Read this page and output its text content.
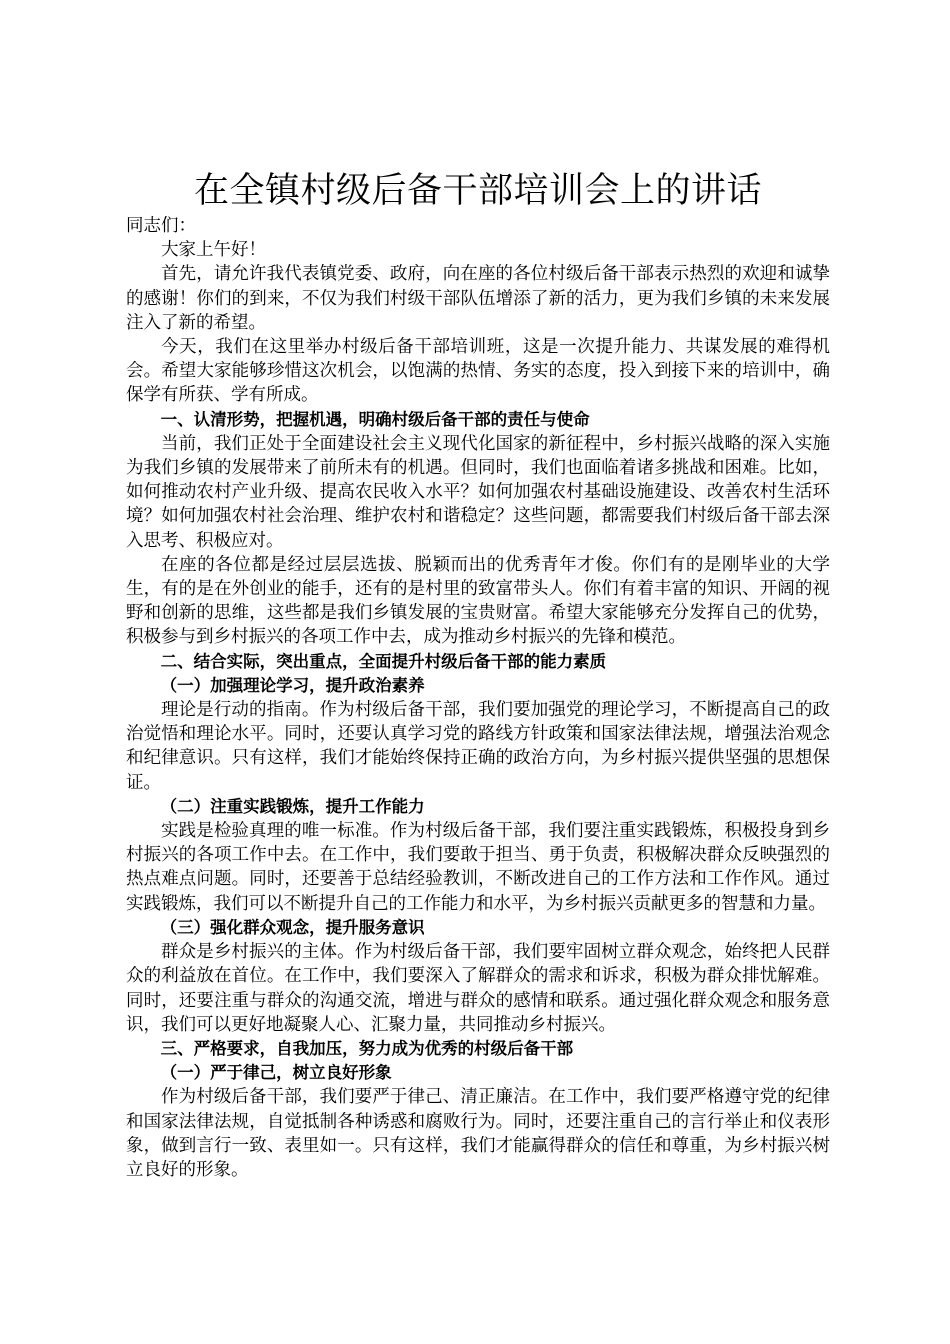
在全镇村级后备干部培训会上的讲话

同志们：

大家上午好！

首先，请允许我代表镇党委、政府，向在座的各位村级后备干部表示热烈的欢迎和诚挚的感谢！你们的到来，不仅为我们村级干部队伍增添了新的活力，更为我们乡镇的未来发展注入了新的希望。

今天，我们在这里举办村级后备干部培训班，这是一次提升能力、共谋发展的难得机会。希望大家能够珍惜这次机会，以饱满的热情、务实的态度，投入到接下来的培训中，确保学有所获、学有所成。

一、认清形势，把握机遇，明确村级后备干部的责任与使命

当前，我们正处于全面建设社会主义现代化国家的新征程中，乡村振兴战略的深入实施为我们乡镇的发展带来了前所未有的机遇。但同时，我们也面临着诸多挑战和困难。比如，如何推动农村产业升级、提高农民收入水平？如何加强农村基础设施建设、改善农村生活环境？如何加强农村社会治理、维护农村和谐稳定？这些问题，都需要我们村级后备干部去深入思考、积极应对。

在座的各位都是经过层层选拔、脱颖而出的优秀青年才俊。你们有的是刚毕业的大学生，有的是在外创业的能手，还有的是村里的致富带头人。你们有着丰富的知识、开阔的视野和创新的思维，这些都是我们乡镇发展的宝贵财富。希望大家能够充分发挥自己的优势，积极参与到乡村振兴的各项工作中去，成为推动乡村振兴的先锋和模范。

二、结合实际，突出重点，全面提升村级后备干部的能力素质

（一）加强理论学习，提升政治素养

理论是行动的指南。作为村级后备干部，我们要加强党的理论学习，不断提高自己的政治觉悟和理论水平。同时，还要认真学习党的路线方针政策和国家法律法规，增强法治观念和纪律意识。只有这样，我们才能始终保持正确的政治方向，为乡村振兴提供坚强的思想保证。

（二）注重实践锻炼，提升工作能力

实践是检验真理的唯一标准。作为村级后备干部，我们要注重实践锻炼，积极投身到乡村振兴的各项工作中去。在工作中，我们要敢于担当、勇于负责，积极解决群众反映强烈的热点难点问题。同时，还要善于总结经验教训，不断改进自己的工作方法和工作作风。通过实践锻炼，我们可以不断提升自己的工作能力和水平，为乡村振兴贡献更多的智慧和力量。

（三）强化群众观念，提升服务意识

群众是乡村振兴的主体。作为村级后备干部，我们要牢固树立群众观念，始终把人民群众的利益放在首位。在工作中，我们要深入了解群众的需求和诉求，积极为群众排忧解难。同时，还要注重与群众的沟通交流，增进与群众的感情和联系。通过强化群众观念和服务意识，我们可以更好地凝聚人心、汇聚力量，共同推动乡村振兴。

三、严格要求，自我加压，努力成为优秀的村级后备干部

（一）严于律己，树立良好形象

作为村级后备干部，我们要严于律己、清正廉洁。在工作中，我们要严格遵守党的纪律和国家法律法规，自觉抵制各种诱惑和腐败行为。同时，还要注重自己的言行举止和仪表形象，做到言行一致、表里如一。只有这样，我们才能赢得群众的信任和尊重，为乡村振兴树立良好的形象。
